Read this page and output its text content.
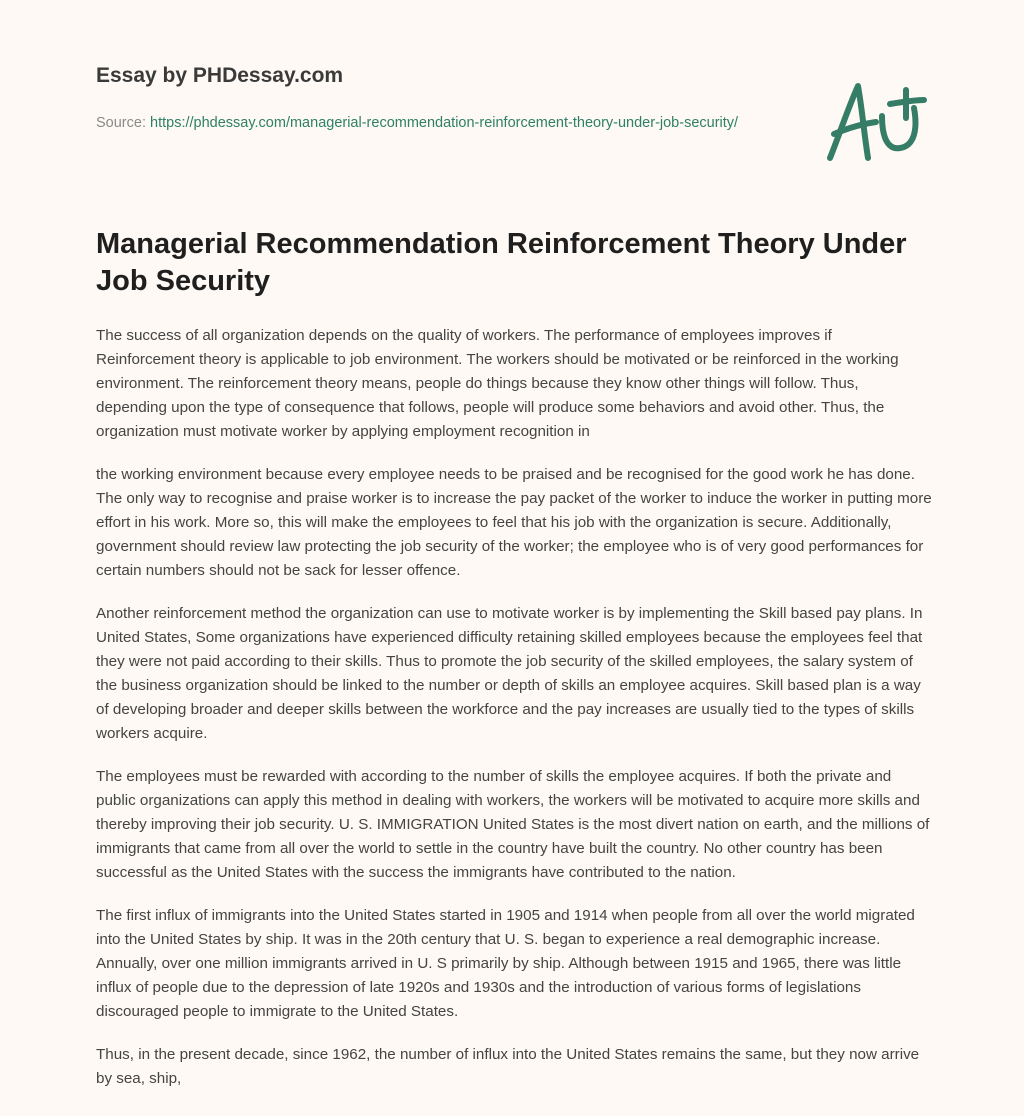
Essay by PHDessay.com
Source: https://phdessay.com/managerial-recommendation-reinforcement-theory-under-job-security/
Managerial Recommendation Reinforcement Theory Under Job Security

The success of all organization depends on the quality of workers. The performance of employees improves if Reinforcement theory is applicable to job environment. The workers should be motivated or be reinforced in the working environment. The reinforcement theory means, people do things because they know other things will follow. Thus, depending upon the type of consequence that follows, people will produce some behaviors and avoid other. Thus, the organization must motivate worker by applying employment recognition in

the working environment because every employee needs to be praised and be recognised for the good work he has done. The only way to recognise and praise worker is to increase the pay packet of the worker to induce the worker in putting more effort in his work. More so, this will make the employees to feel that his job with the organization is secure. Additionally, government should review law protecting the job security of the worker; the employee who is of very good performances for certain numbers should not be sack for lesser offence.

Another reinforcement method the organization can use to motivate worker is by implementing the Skill based pay plans. In United States, Some organizations have experienced difficulty retaining skilled employees because the employees feel that they were not paid according to their skills. Thus to promote the job security of the skilled employees, the salary system of the business organization should be linked to the number or depth of skills an employee acquires. Skill based plan is a way of developing broader and deeper skills between the workforce and the pay increases are usually tied to the types of skills workers acquire.

The employees must be rewarded with according to the number of skills the employee acquires. If both the private and public organizations can apply this method in dealing with workers, the workers will be motivated to acquire more skills and thereby improving their job security. U. S. IMMIGRATION United States is the most divert nation on earth, and the millions of immigrants that came from all over the world to settle in the country have built the country. No other country has been successful as the United States with the success the immigrants have contributed to the nation.

The first influx of immigrants into the United States started in 1905 and 1914 when people from all over the world migrated into the United States by ship. It was in the 20th century that U. S. began to experience a real demographic increase. Annually, over one million immigrants arrived in U. S primarily by ship. Although between 1915 and 1965, there was little influx of people due to the depression of late 1920s and 1930s and the introduction of various forms of legislations discouraged people to immigrate to the United States.

Thus, in the present decade, since 1962, the number of influx into the United States remains the same, but they now arrive by sea, ship,
